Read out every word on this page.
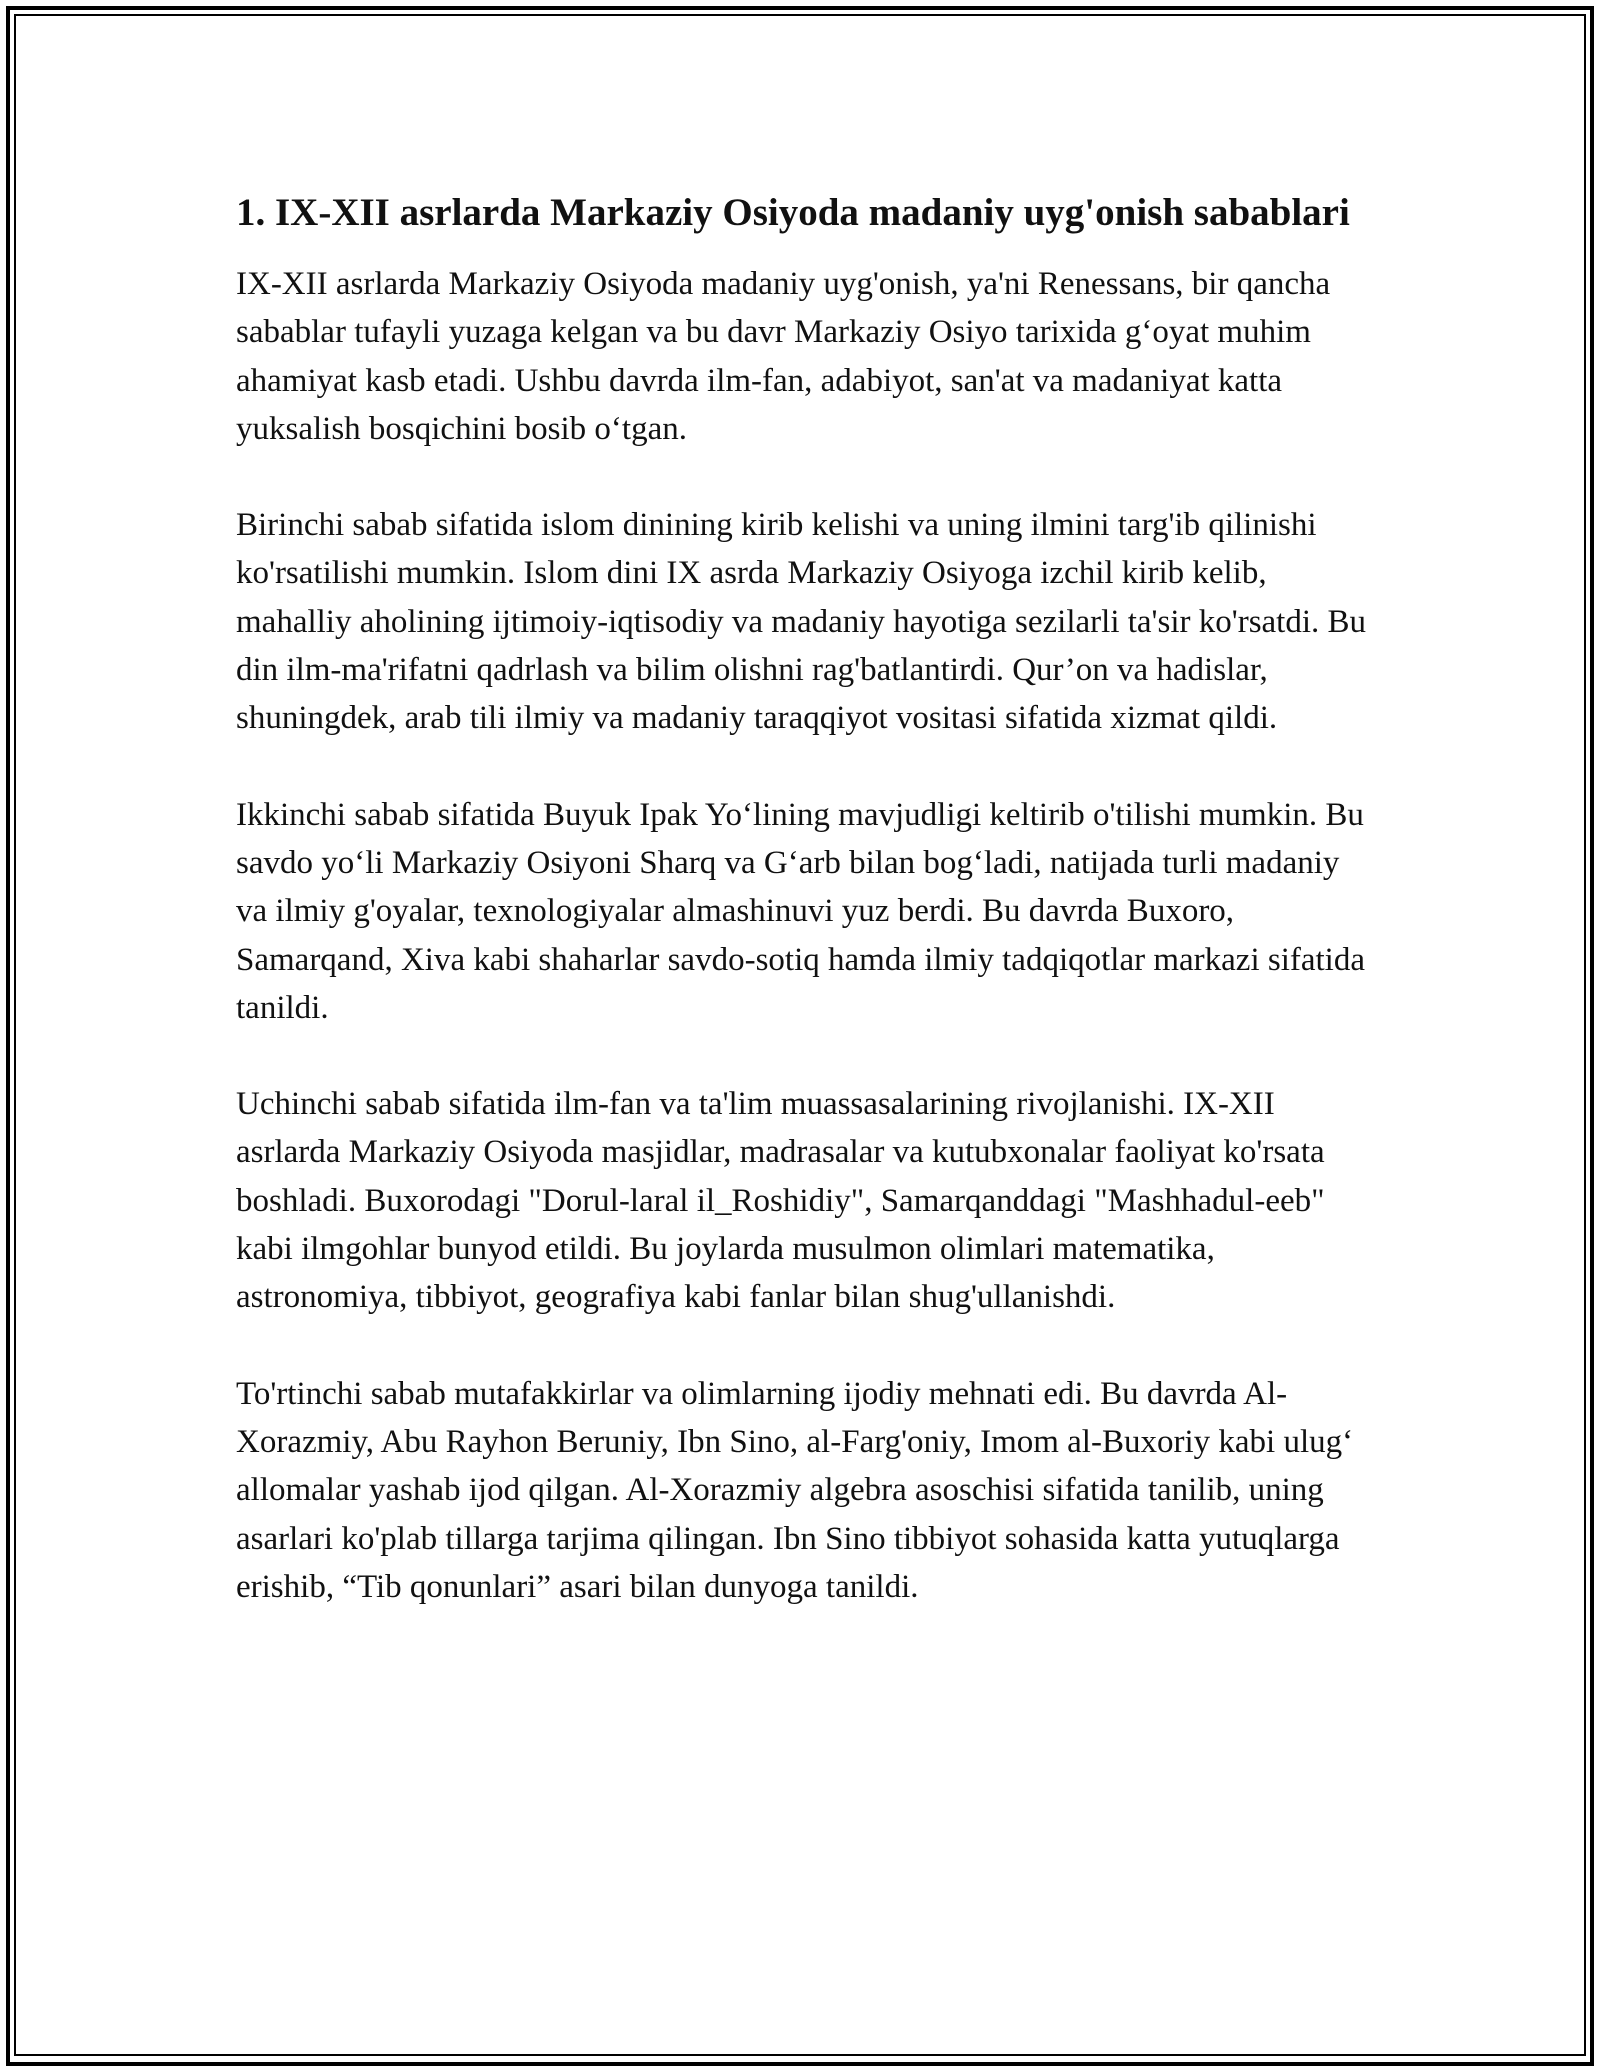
1. IX-XII asrlarda Markaziy Osiyoda madaniy uyg'onish sabablari

IX-XII asrlarda Markaziy Osiyoda madaniy uyg'onish, ya'ni Renessans, bir qancha sabablar tufayli yuzaga kelgan va bu davr Markaziy Osiyo tarixida g‘oyat muhim ahamiyat kasb etadi. Ushbu davrda ilm-fan, adabiyot, san'at va madaniyat katta yuksalish bosqichini bosib o‘tgan.

Birinchi sabab sifatida islom dinining kirib kelishi va uning ilmini targ'ib qilinishi ko'rsatilishi mumkin. Islom dini IX asrda Markaziy Osiyoga izchil kirib kelib, mahalliy aholining ijtimoiy-iqtisodiy va madaniy hayotiga sezilarli ta'sir ko'rsatdi. Bu din ilm-ma'rifatni qadrlash va bilim olishni rag'batlantirdi. Qur’on va hadislar, shuningdek, arab tili ilmiy va madaniy taraqqiyot vositasi sifatida xizmat qildi.

Ikkinchi sabab sifatida Buyuk Ipak Yo‘lining mavjudligi keltirib o'tilishi mumkin. Bu savdo yo‘li Markaziy Osiyoni Sharq va G‘arb bilan bog‘ladi, natijada turli madaniy va ilmiy g'oyalar, texnologiyalar almashinuvi yuz berdi. Bu davrda Buxoro, Samarqand, Xiva kabi shaharlar savdo-sotiq hamda ilmiy tadqiqotlar markazi sifatida tanildi.

Uchinchi sabab sifatida ilm-fan va ta'lim muassasalarining rivojlanishi. IX-XII asrlarda Markaziy Osiyoda masjidlar, madrasalar va kutubxonalar faoliyat ko'rsata boshladi. Buxorodagi "Dorul-laral il_Roshidiy", Samarqanddagi "Mashhadul-eeb" kabi ilmgohlar bunyod etildi. Bu joylarda musulmon olimlari matematika, astronomiya, tibbiyot, geografiya kabi fanlar bilan shug'ullanishdi.

To'rtinchi sabab mutafakkirlar va olimlarning ijodiy mehnati edi. Bu davrda Al-Xorazmiy, Abu Rayhon Beruniy, Ibn Sino, al-Farg'oniy, Imom al-Buxoriy kabi ulug‘ allomalar yashab ijod qilgan. Al-Xorazmiy algebra asoschisi sifatida tanilib, uning asarlari ko'plab tillarga tarjima qilingan. Ibn Sino tibbiyot sohasida katta yutuqlarga erishib, “Tib qonunlari” asari bilan dunyoga tanildi.
